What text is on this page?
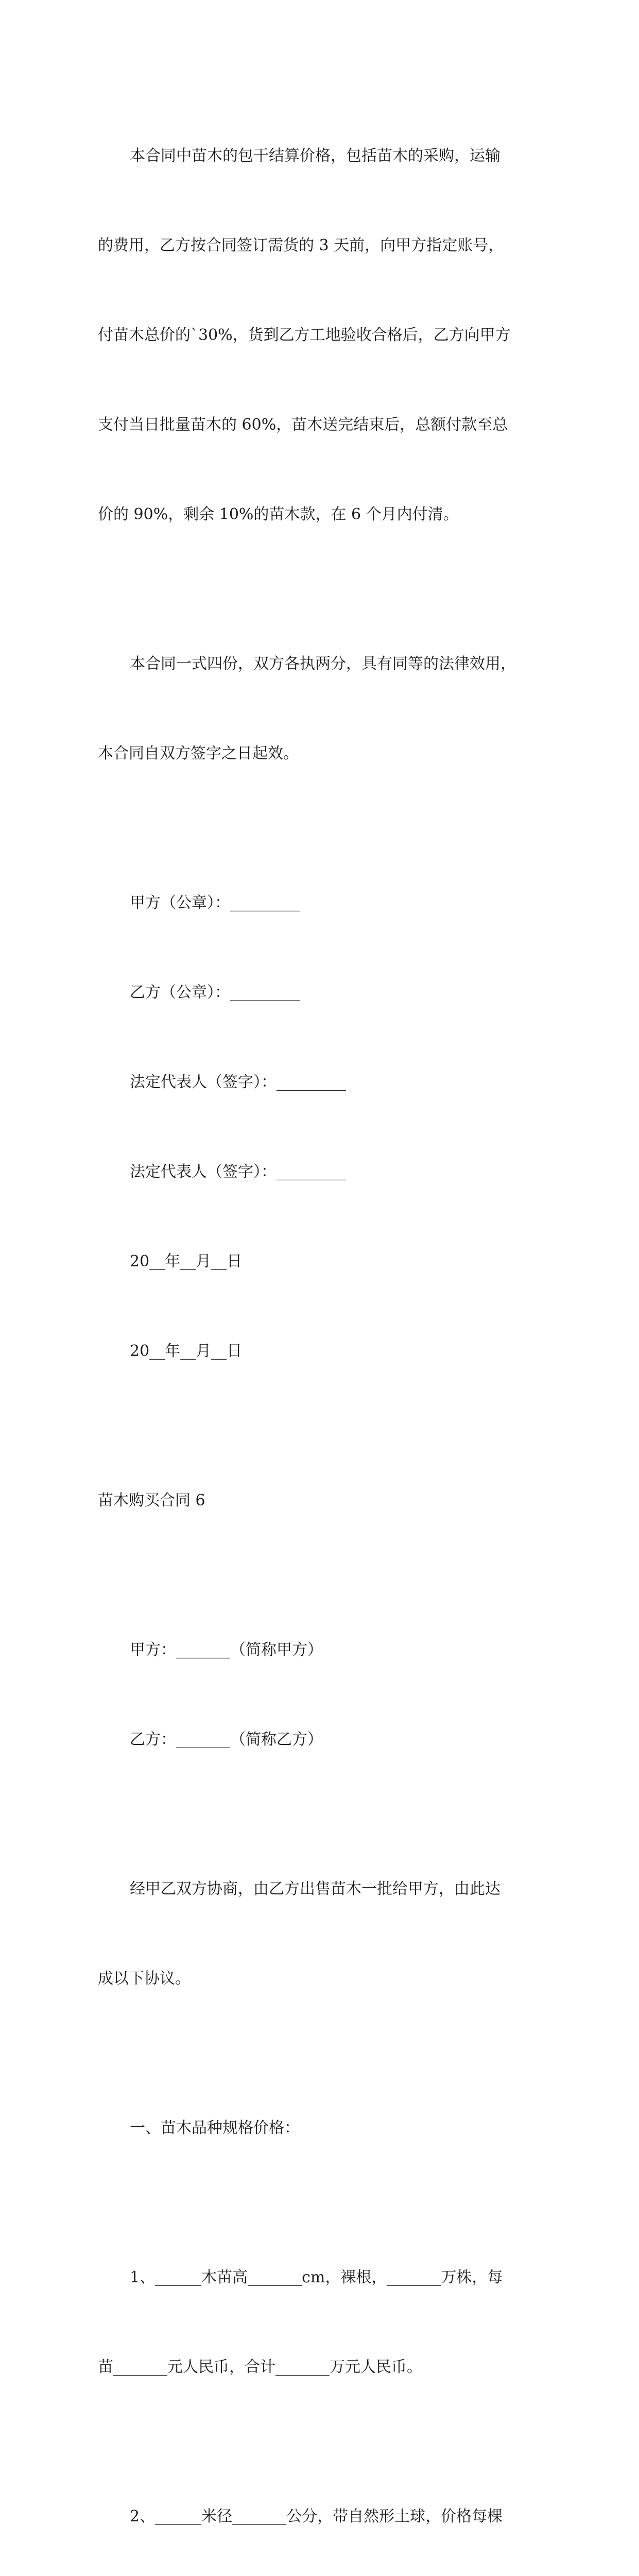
本合同中苗木的包干结算价格，包括苗木的采购，运输

的费用，乙方按合同签订需货的 3 天前，向甲方指定账号，

付苗木总价的`30%，货到乙方工地验收合格后，乙方向甲方

支付当日批量苗木的 60%，苗木送完结束后，总额付款至总

价的 90%，剩余 10%的苗木款，在 6 个月内付清。

本合同一式四份，双方各执两分，具有同等的法律效用，

本合同自双方签字之日起效。

甲方（公章）：_________

乙方（公章）：_________

法定代表人（签字）：_________

法定代表人（签字）：_________

20__年__月__日

20__年__月__日

苗木购买合同 6

甲方：_______（简称甲方）

乙方：_______（简称乙方）

经甲乙双方协商，由乙方出售苗木一批给甲方，由此达

成以下协议。

一、苗木品种规格价格：

1、______木苗高_______cm，裸根，_______万株，每

苗_______元人民币，合计_______万元人民币。

2、______米径_______公分，带自然形土球，价格每棵
